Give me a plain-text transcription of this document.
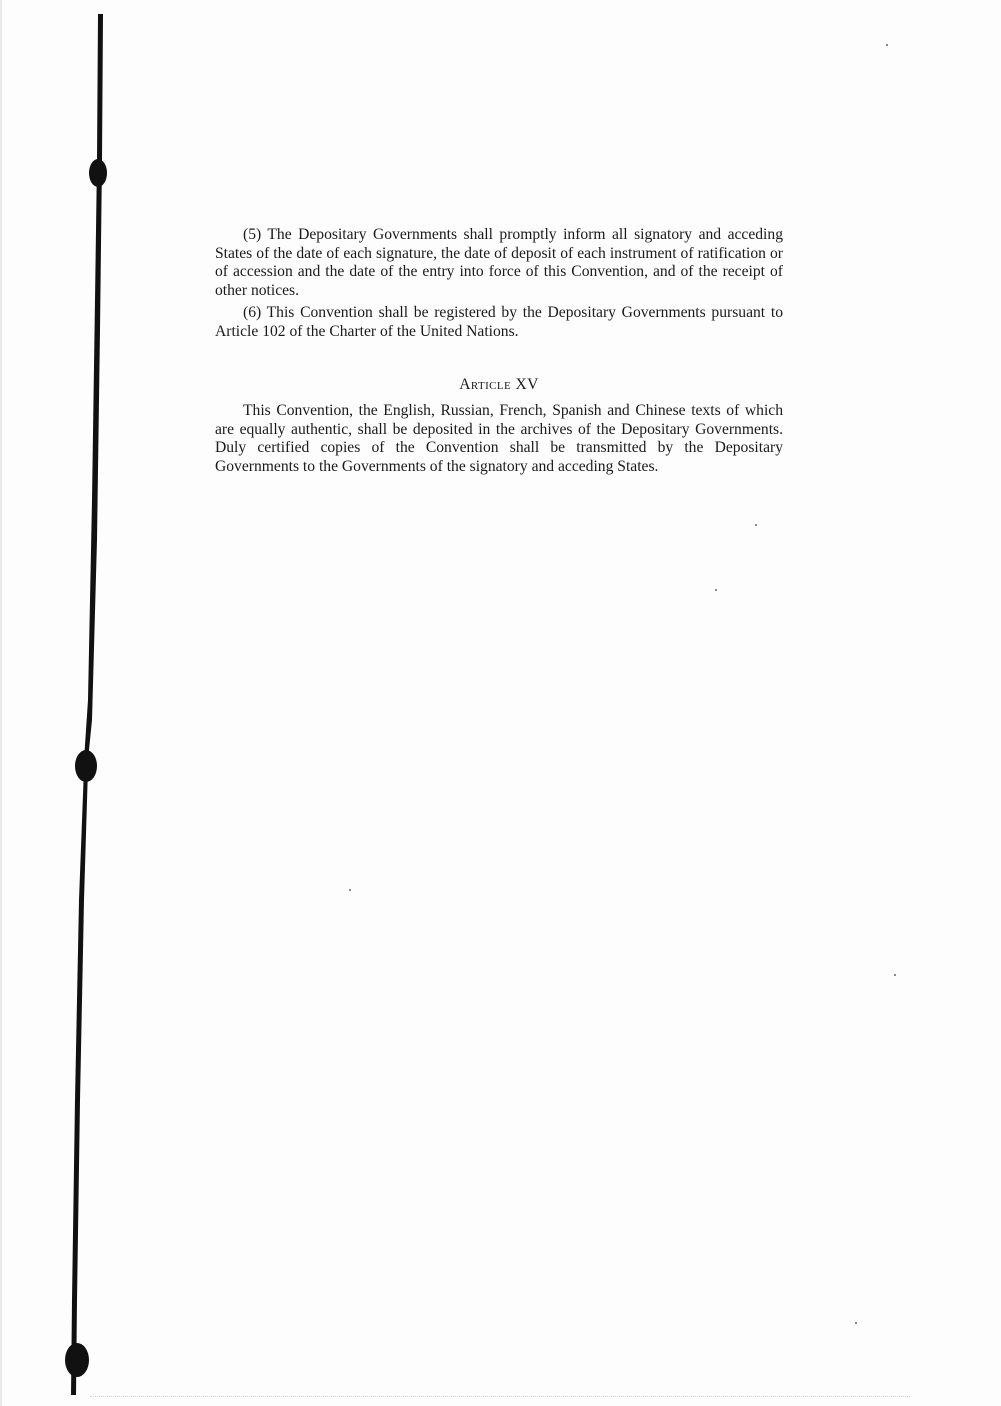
(5) The Depositary Governments shall promptly inform all signatory and acceding States of the date of each signature, the date of deposit of each instrument of ratification or of accession and the date of the entry into force of this Convention, and of the receipt of other notices.

(6) This Convention shall be registered by the Depositary Governments pursuant to Article 102 of the Charter of the United Nations.

Article XV

This Convention, the English, Russian, French, Spanish and Chinese texts of which are equally authentic, shall be deposited in the archives of the Depositary Governments. Duly certified copies of the Convention shall be transmitted by the Depositary Governments to the Governments of the signatory and acceding States.
